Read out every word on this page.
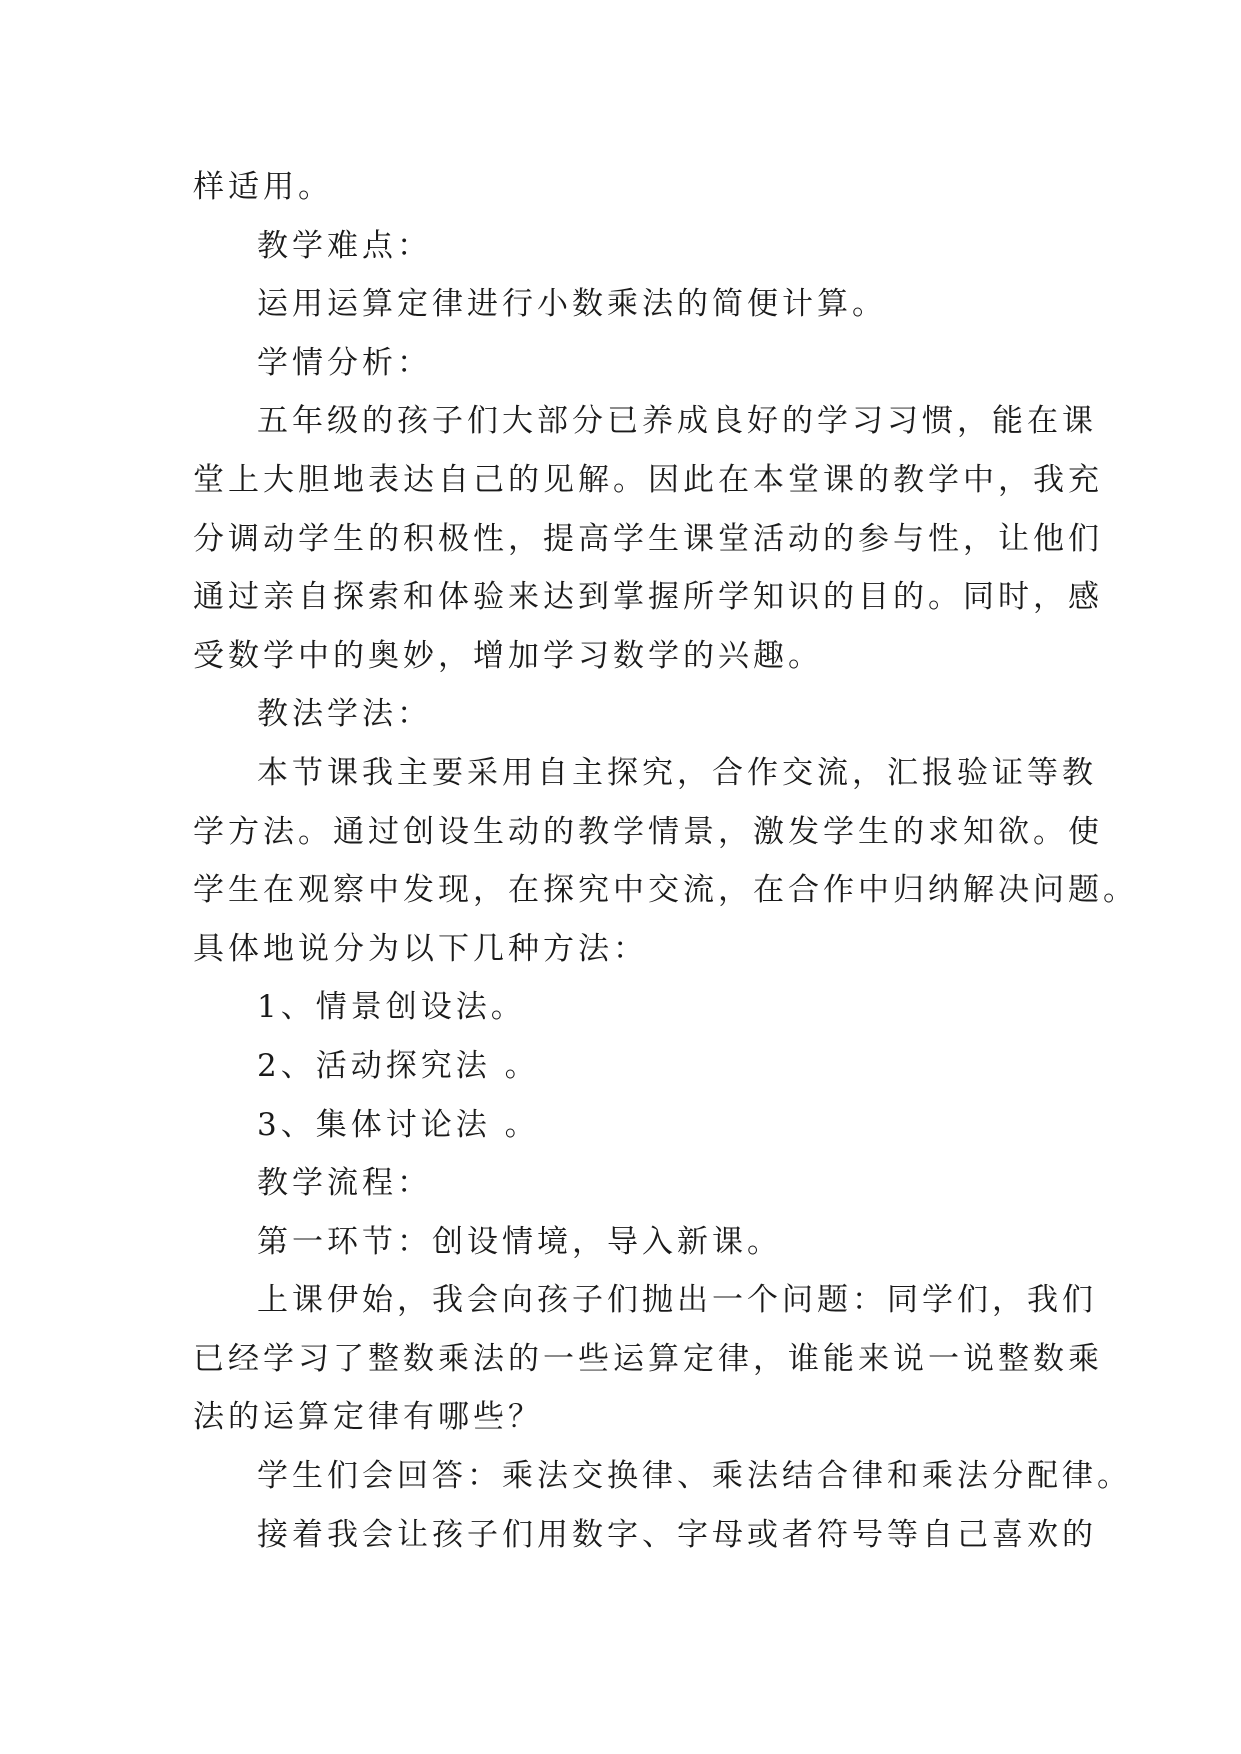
样适用。
教学难点：
运用运算定律进行小数乘法的简便计算。
学情分析：
五年级的孩子们大部分已养成良好的学习习惯，能在课
堂上大胆地表达自己的见解。因此在本堂课的教学中，我充
分调动学生的积极性，提高学生课堂活动的参与性，让他们
通过亲自探索和体验来达到掌握所学知识的目的。同时，感
受数学中的奥妙，增加学习数学的兴趣。
教法学法：
本节课我主要采用自主探究，合作交流，汇报验证等教
学方法。通过创设生动的教学情景，激发学生的求知欲。使
学生在观察中发现，在探究中交流，在合作中归纳解决问题。
具体地说分为以下几种方法：
1、情景创设法。
2、活动探究法 。
3、集体讨论法 。
教学流程：
第一环节：创设情境，导入新课。
上课伊始，我会向孩子们抛出一个问题：同学们，我们
已经学习了整数乘法的一些运算定律，谁能来说一说整数乘
法的运算定律有哪些？
学生们会回答：乘法交换律、乘法结合律和乘法分配律。
接着我会让孩子们用数字、字母或者符号等自己喜欢的
